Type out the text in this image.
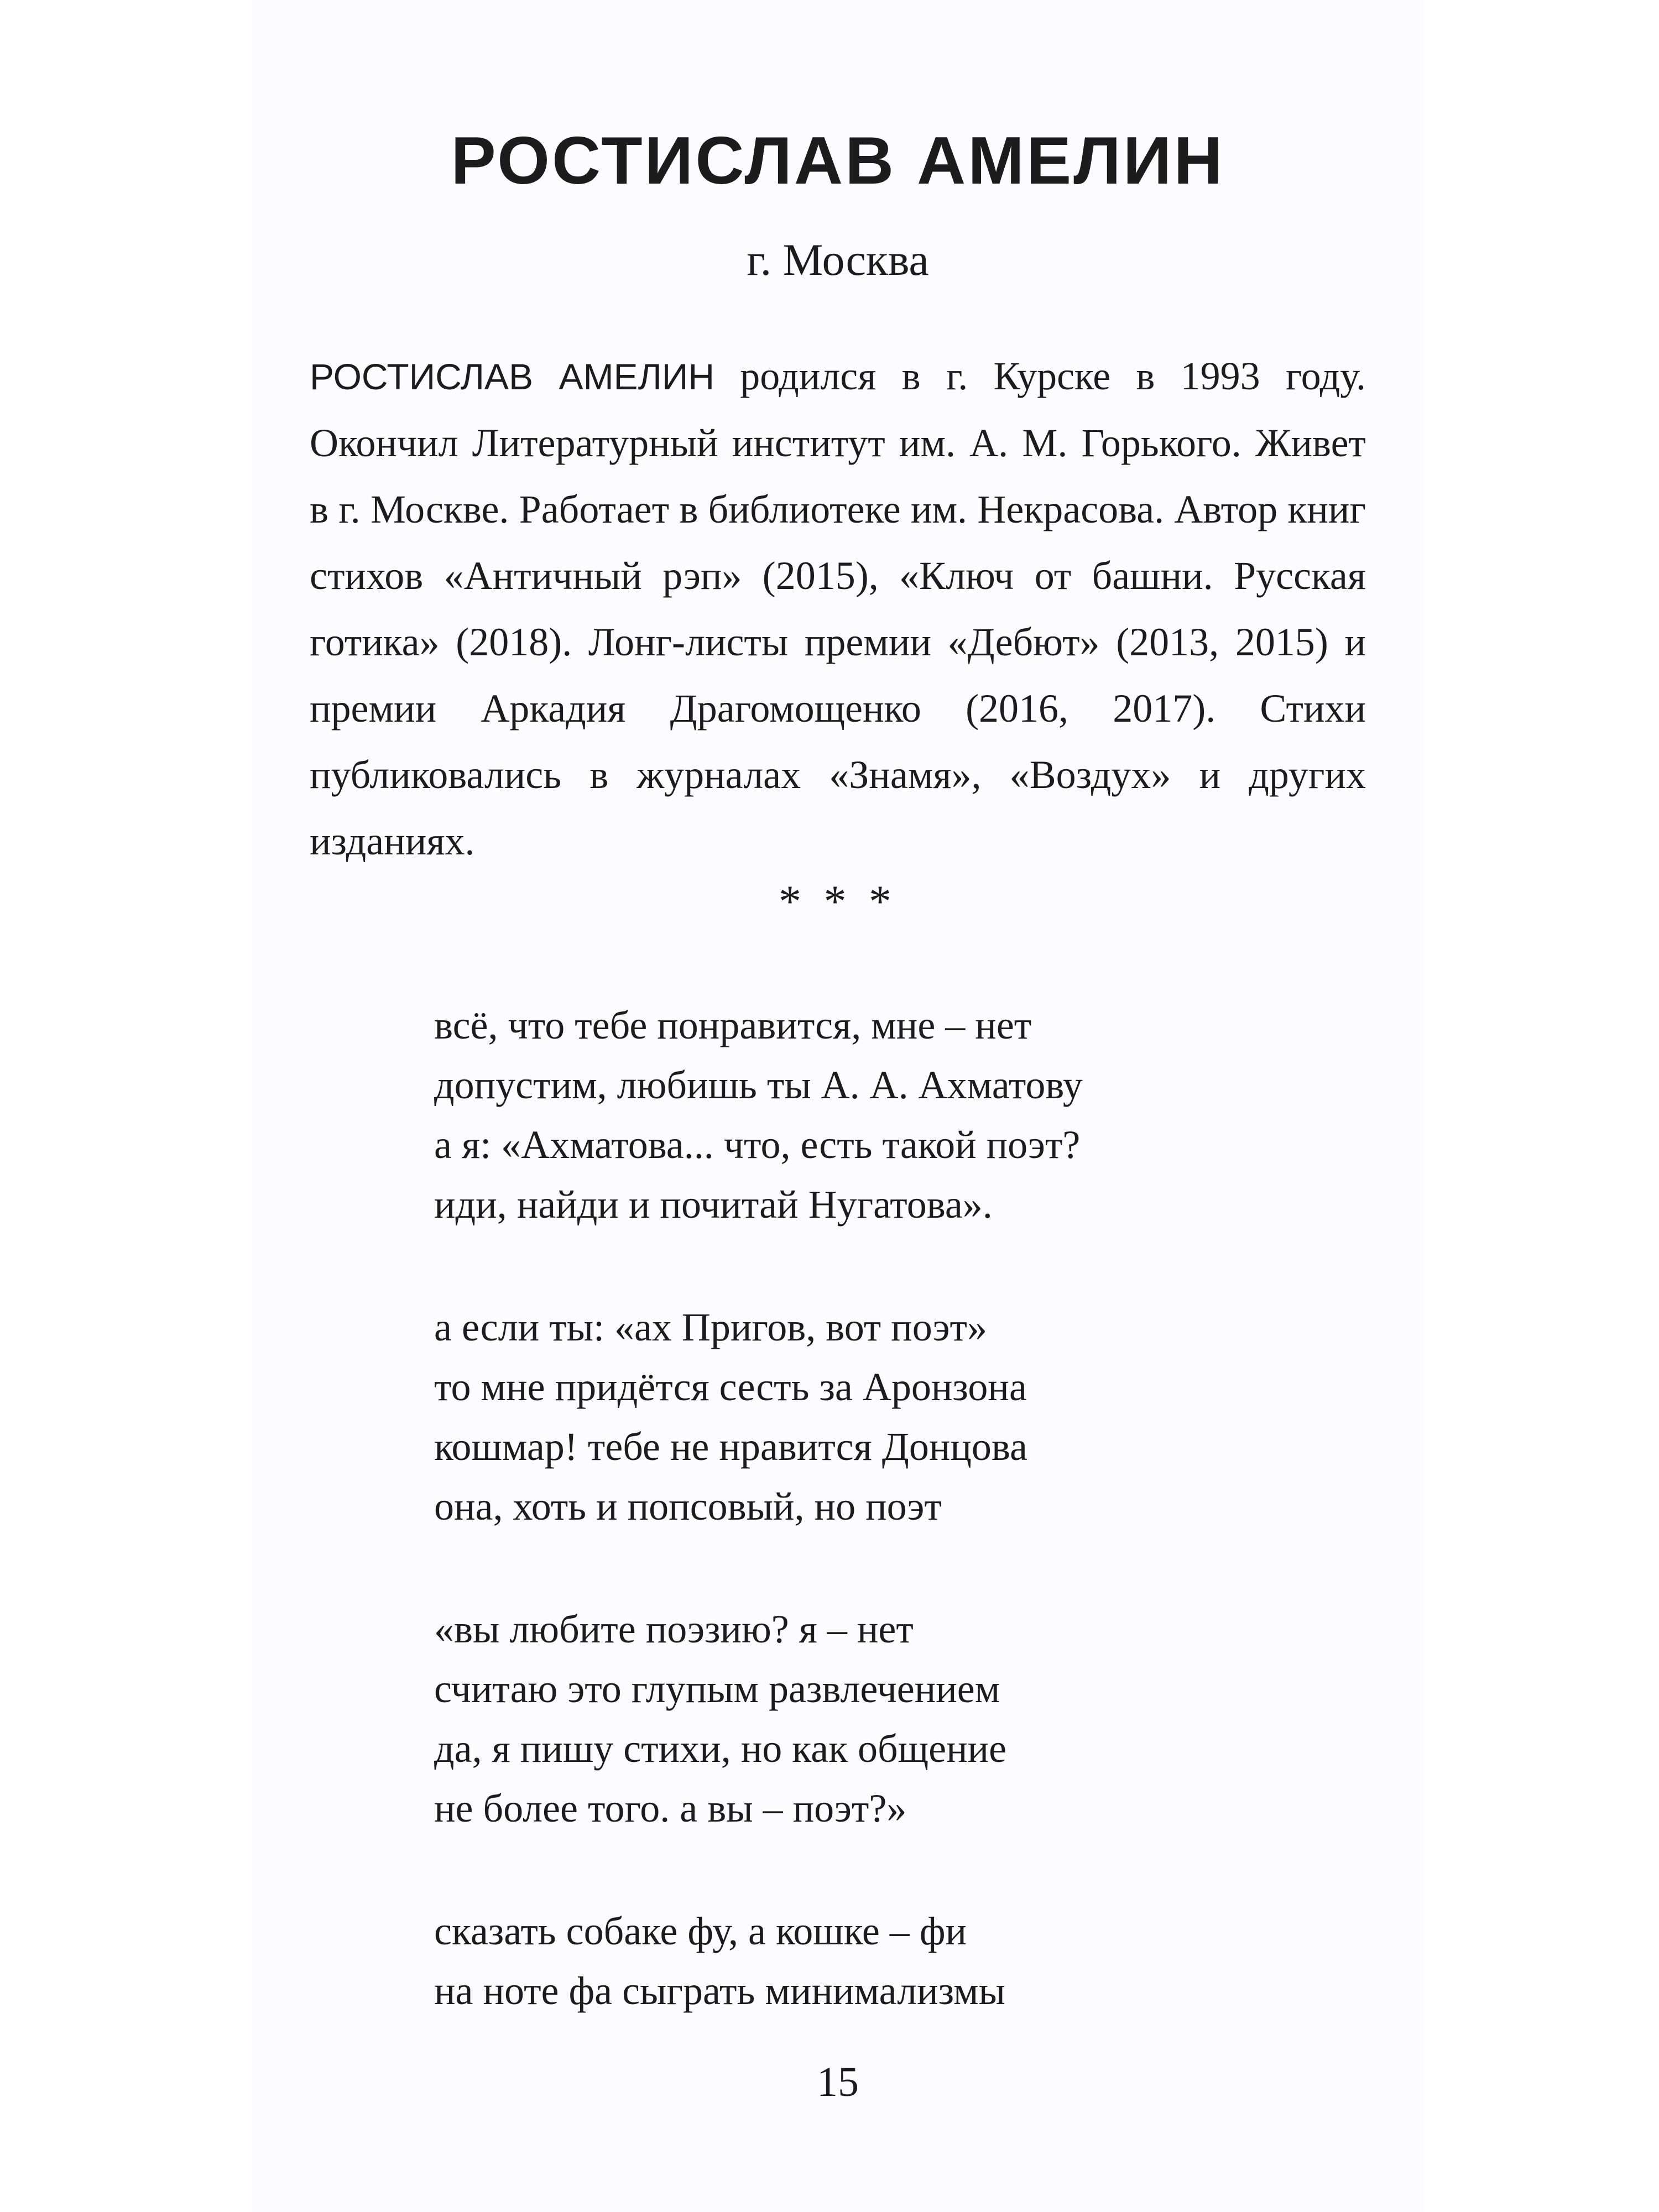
РОСТИСЛАВ АМЕЛИН
г. Москва

РОСТИСЛАВ АМЕЛИН родился в г. Курске в 1993 году. Окончил Литературный институт им. А. М. Горького. Живет в г. Москве. Работает в библиотеке им. Некрасова. Автор книг стихов «Античный рэп» (2015), «Ключ от башни. Русская готика» (2018). Лонг-листы премии «Дебют» (2013, 2015) и премии Аркадия Драгомощенко (2016, 2017). Стихи публиковались в журналах «Знамя», «Воздух» и других изданиях.

* * *
всё, что тебе понравится, мне – нет
допустим, любишь ты А. А. Ахматову
а я: «Ахматова... что, есть такой поэт?
иди, найди и почитай Нугатова».
а если ты: «ах Пригов, вот поэт»
то мне придётся сесть за Аронзона
кошмар! тебе не нравится Донцова
она, хоть и попсовый, но поэт
«вы любите поэзию? я – нет
считаю это глупым развлечением
да, я пишу стихи, но как общение
не более того. а вы – поэт?»
сказать собаке фу, а кошке – фи
на ноте фа сыграть минимализмы
15
